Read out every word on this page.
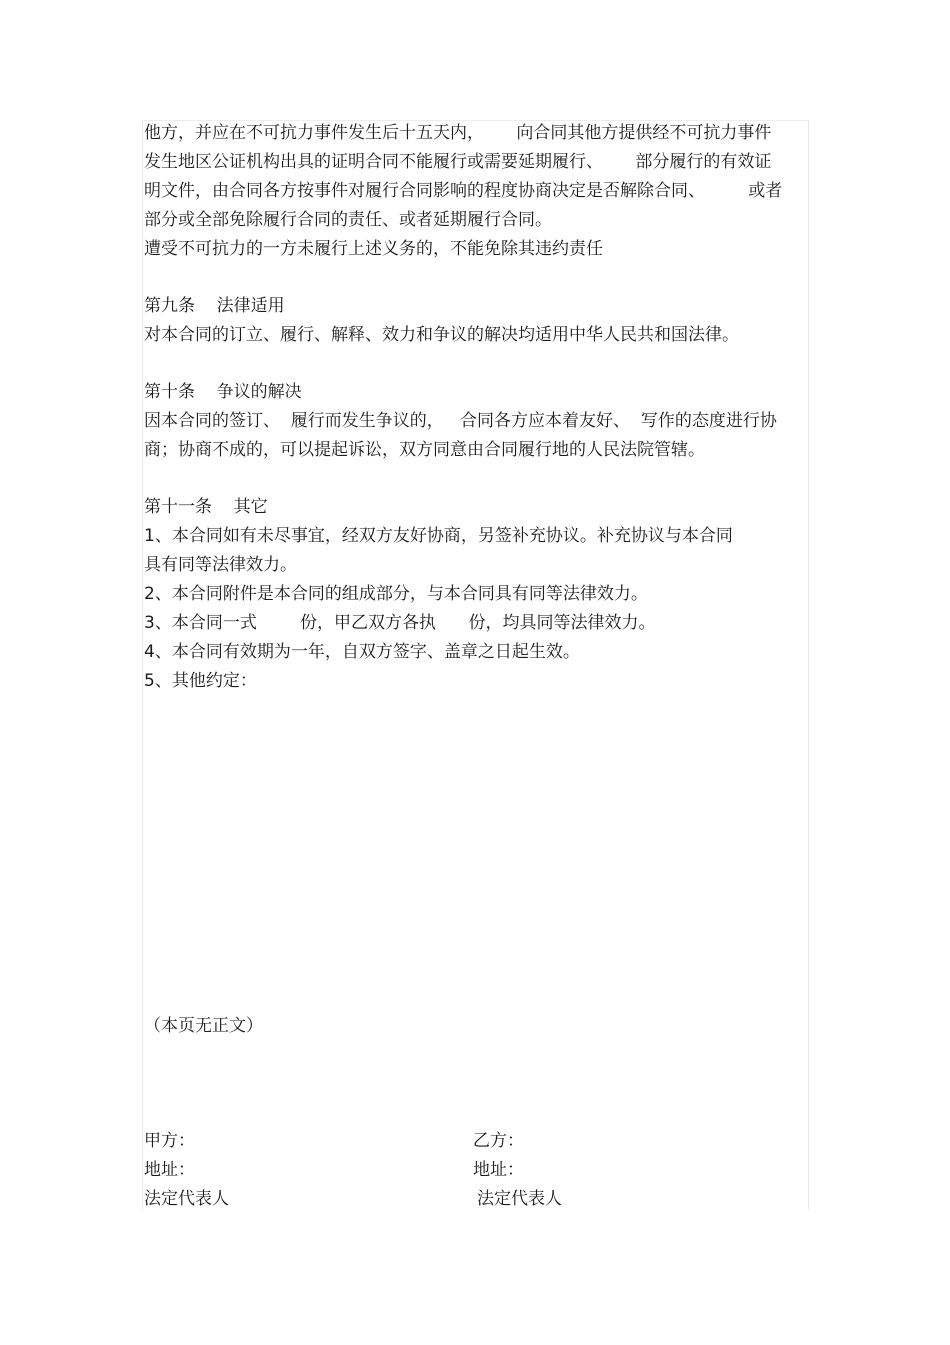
他方，并应在不可抗力事件发生后十五天内，      向合同其他方提供经不可抗力事件

发生地区公证机构出具的证明合同不能履行或需要延期履行、      部分履行的有效证

明文件，由合同各方按事件对履行合同影响的程度协商决定是否解除合同、        或者

部分或全部免除履行合同的责任、或者延期履行合同。

遭受不可抗力的一方未履行上述义务的，不能免除其违约责任

第九条    法律适用

对本合同的订立、履行、解释、效力和争议的解决均适用中华人民共和国法律。

第十条    争议的解决

因本合同的签订、  履行而发生争议的，   合同各方应本着友好、  写作的态度进行协

商；协商不成的，可以提起诉讼，双方同意由合同履行地的人民法院管辖。

第十一条    其它

1、本合同如有未尽事宜，经双方友好协商，另签补充协议。补充协议与本合同

具有同等法律效力。

2、本合同附件是本合同的组成部分，与本合同具有同等法律效力。

3、本合同一式        份，甲乙双方各执      份，均具同等法律效力。

4、本合同有效期为一年，自双方签字、盖章之日起生效。

5、其他约定：

（本页无正文）

甲方：

地址：

法定代表人

乙方：

地址：

法定代表人
